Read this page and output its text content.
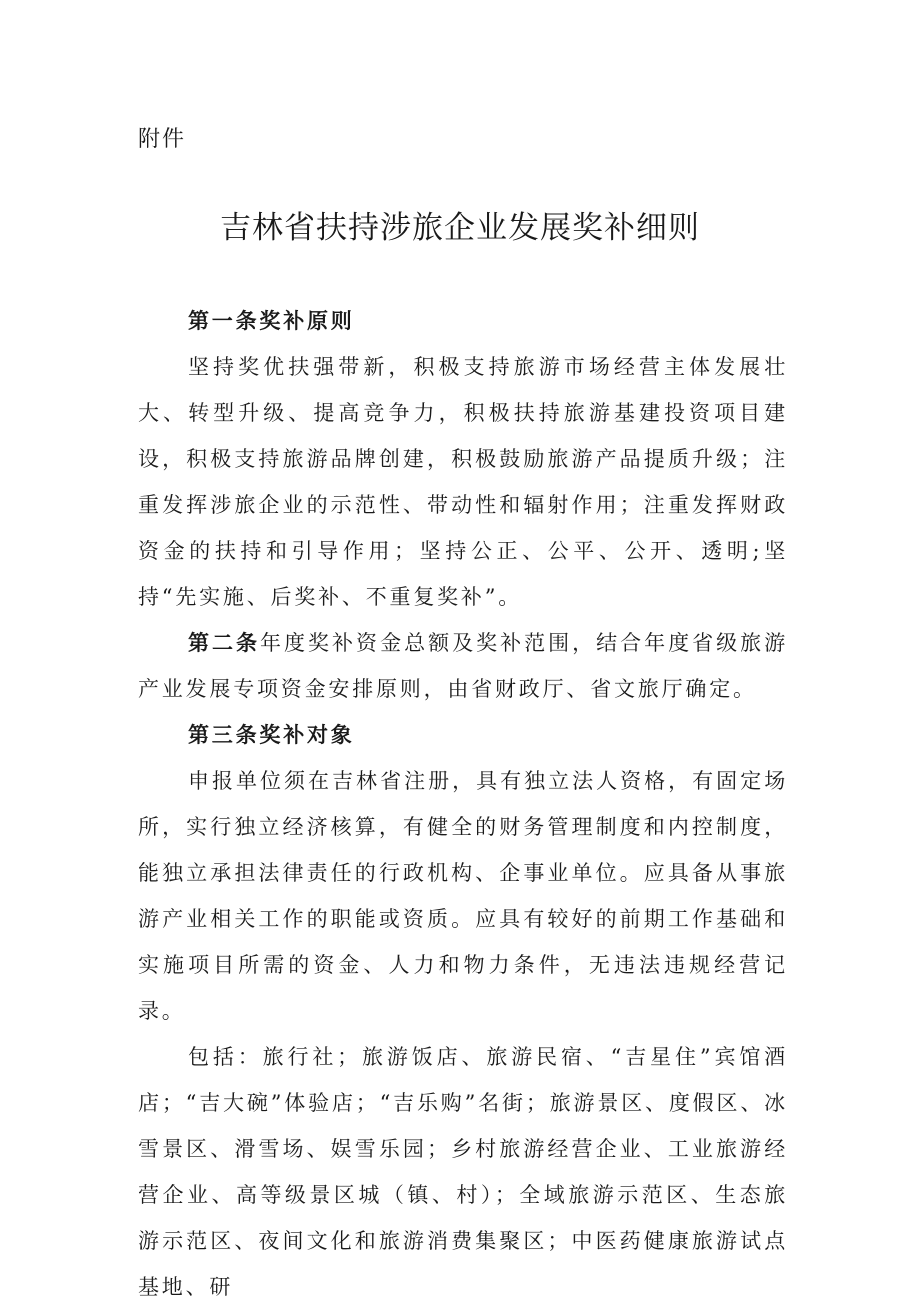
附件
吉林省扶持涉旅企业发展奖补细则

第一条奖补原则

坚持奖优扶强带新，积极支持旅游市场经营主体发展壮大、转型升级、提高竞争力，积极扶持旅游基建投资项目建设，积极支持旅游品牌创建，积极鼓励旅游产品提质升级；注重发挥涉旅企业的示范性、带动性和辐射作用；注重发挥财政资金的扶持和引导作用；坚持公正、公平、公开、透明;坚持“先实施、后奖补、不重复奖补”。

第二条年度奖补资金总额及奖补范围，结合年度省级旅游产业发展专项资金安排原则，由省财政厅、省文旅厅确定。

第三条奖补对象

申报单位须在吉林省注册，具有独立法人资格，有固定场所，实行独立经济核算，有健全的财务管理制度和内控制度，能独立承担法律责任的行政机构、企事业单位。应具备从事旅游产业相关工作的职能或资质。应具有较好的前期工作基础和实施项目所需的资金、人力和物力条件，无违法违规经营记录。

包括：旅行社；旅游饭店、旅游民宿、“吉星住”宾馆酒店；“吉大碗”体验店；“吉乐购”名街；旅游景区、度假区、冰雪景区、滑雪场、娱雪乐园；乡村旅游经营企业、工业旅游经营企业、高等级景区城（镇、村）；全域旅游示范区、生态旅游示范区、夜间文化和旅游消费集聚区；中医药健康旅游试点基地、研
